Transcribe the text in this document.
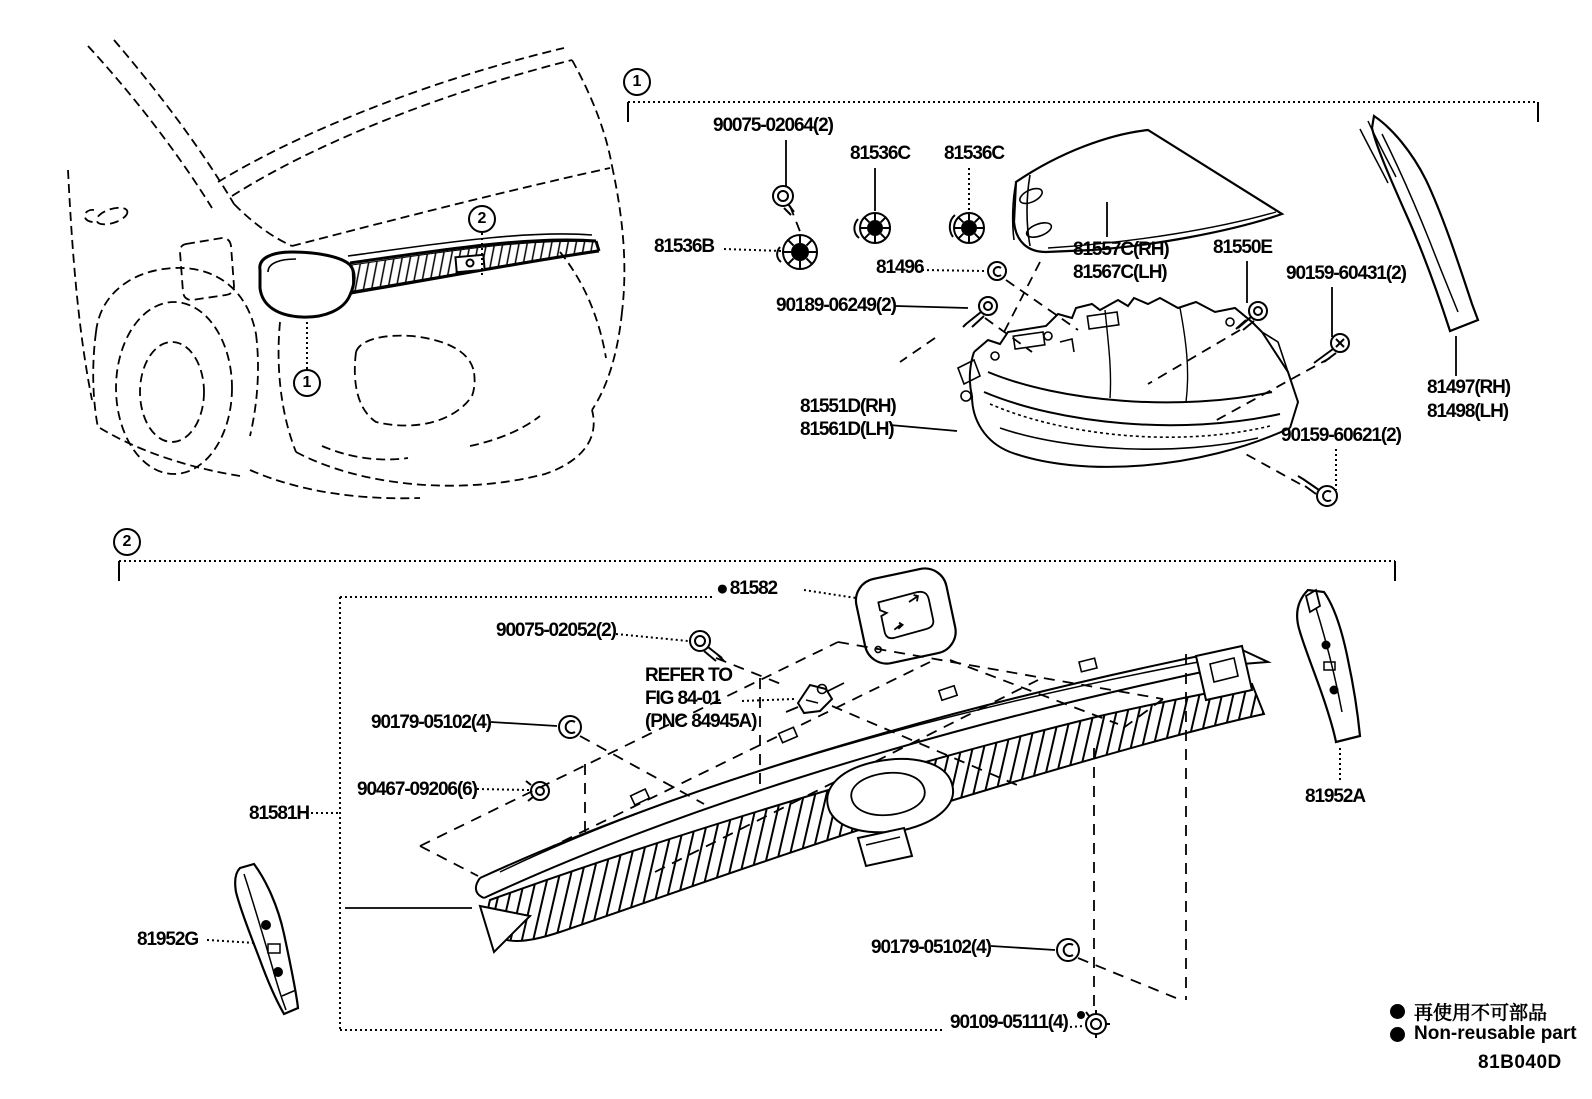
1
2
1
2
90075-02064(2)
81536C 81536C
81536B
81496
90189-06249(2)
81557C(RH)
81567C(LH)
81550E
90159-60431(2)
81497(RH)
81498(LH)
81551D(RH)
81561D(LH)	90159-60621(2)
●81582
90075-02052(2)
REFER TO
FIG 84-01
(PNC 84945A)
90179-05102(4)
90467-09206(6)
81581H
81952A
81952G	90179-05102(4)
90109-05111(4)	再使用不可部品
Non-reusable part
81B040D
